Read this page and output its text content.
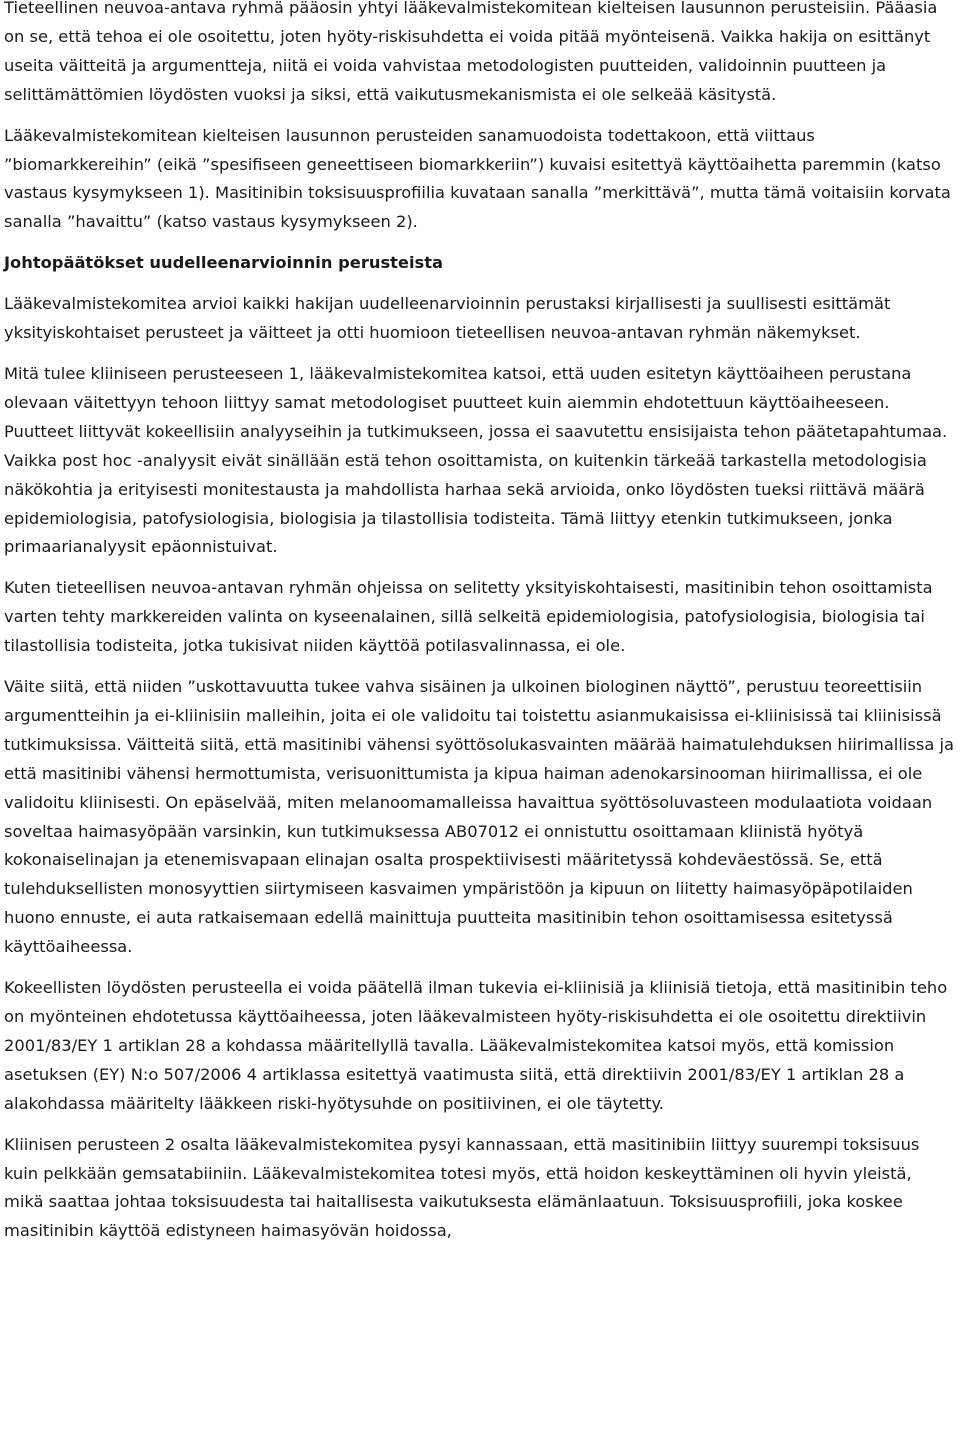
Tieteellinen neuvoa-antava ryhmä pääosin yhtyi lääkevalmistekomitean kielteisen lausunnon perusteisiin. Pääasia on se, että tehoa ei ole osoitettu, joten hyöty-riskisuhdetta ei voida pitää myönteisenä. Vaikka hakija on esittänyt useita väitteitä ja argumentteja, niitä ei voida vahvistaa metodologisten puutteiden, validoinnin puutteen ja selittämättömien löydösten vuoksi ja siksi, että vaikutusmekanismista ei ole selkeää käsitystä.

Lääkevalmistekomitean kielteisen lausunnon perusteiden sanamuodoista todettakoon, että viittaus ”biomarkkereihin” (eikä ”spesifiseen geneettiseen biomarkkeriin”) kuvaisi esitettyä käyttöaihetta paremmin (katso vastaus kysymykseen 1). Masitinibin toksisuusprofiilia kuvataan sanalla ”merkittävä”, mutta tämä voitaisiin korvata sanalla ”havaittu” (katso vastaus kysymykseen 2).

Johtopäätökset uudelleenarvioinnin perusteista

Lääkevalmistekomitea arvioi kaikki hakijan uudelleenarvioinnin perustaksi kirjallisesti ja suullisesti esittämät yksityiskohtaiset perusteet ja väitteet ja otti huomioon tieteellisen neuvoa-antavan ryhmän näkemykset.

Mitä tulee kliiniseen perusteeseen 1, lääkevalmistekomitea katsoi, että uuden esitetyn käyttöaiheen perustana olevaan väitettyyn tehoon liittyy samat metodologiset puutteet kuin aiemmin ehdotettuun käyttöaiheeseen. Puutteet liittyvät kokeellisiin analyyseihin ja tutkimukseen, jossa ei saavutettu ensisijaista tehon päätetapahtumaa. Vaikka post hoc -analyysit eivät sinällään estä tehon osoittamista, on kuitenkin tärkeää tarkastella metodologisia näkökohtia ja erityisesti monitestausta ja mahdollista harhaa sekä arvioida, onko löydösten tueksi riittävä määrä epidemiologisia, patofysiologisia, biologisia ja tilastollisia todisteita. Tämä liittyy etenkin tutkimukseen, jonka primaarianalyysit epäonnistuivat.

Kuten tieteellisen neuvoa-antavan ryhmän ohjeissa on selitetty yksityiskohtaisesti, masitinibin tehon osoittamista varten tehty markkereiden valinta on kyseenalainen, sillä selkeitä epidemiologisia, patofysiologisia, biologisia tai tilastollisia todisteita, jotka tukisivat niiden käyttöä potilasvalinnassa, ei ole.

Väite siitä, että niiden ”uskottavuutta tukee vahva sisäinen ja ulkoinen biologinen näyttö”, perustuu teoreettisiin argumentteihin ja ei-kliinisiin malleihin, joita ei ole validoitu tai toistettu asianmukaisissa ei-kliinisissä tai kliinisissä tutkimuksissa. Väitteitä siitä, että masitinibi vähensi syöttösolukasvainten määrää haimatulehduksen hiirimallissa ja että masitinibi vähensi hermottumista, verisuonittumista ja kipua haiman adenokarsinooman hiirimallissa, ei ole validoitu kliinisesti. On epäselvää, miten melanoomamalleissa havaittua syöttösoluvasteen modulaatiota voidaan soveltaa haimasyöpään varsinkin, kun tutkimuksessa AB07012 ei onnistuttu osoittamaan kliinistä hyötyä kokonaiselinajan ja etenemisvapaan elinajan osalta prospektiivisesti määritetyssä kohdeväestössä. Se, että tulehduksellisten monosyyttien siirtymiseen kasvaimen ympäristöön ja kipuun on liitetty haimasyöpäpotilaiden huono ennuste, ei auta ratkaisemaan edellä mainittuja puutteita masitinibin tehon osoittamisessa esitetyssä käyttöaiheessa.

Kokeellisten löydösten perusteella ei voida päätellä ilman tukevia ei-kliinisiä ja kliinisiä tietoja, että masitinibin teho on myönteinen ehdotetussa käyttöaiheessa, joten lääkevalmisteen hyöty-riskisuhdetta ei ole osoitettu direktiivin 2001/83/EY 1 artiklan 28 a kohdassa määritellyllä tavalla. Lääkevalmistekomitea katsoi myös, että komission asetuksen (EY) N:o 507/2006 4 artiklassa esitettyä vaatimusta siitä, että direktiivin 2001/83/EY 1 artiklan 28 a alakohdassa määritelty lääkkeen riski-hyötysuhde on positiivinen, ei ole täytetty.

Kliinisen perusteen 2 osalta lääkevalmistekomitea pysyi kannassaan, että masitinibiin liittyy suurempi toksisuus kuin pelkkään gemsatabiiniin. Lääkevalmistekomitea totesi myös, että hoidon keskeyttäminen oli hyvin yleistä, mikä saattaa johtaa toksisuudesta tai haitallisesta vaikutuksesta elämänlaatuun. Toksisuusprofiili, joka koskee masitinibin käyttöä edistyneen haimasyövän hoidossa,
